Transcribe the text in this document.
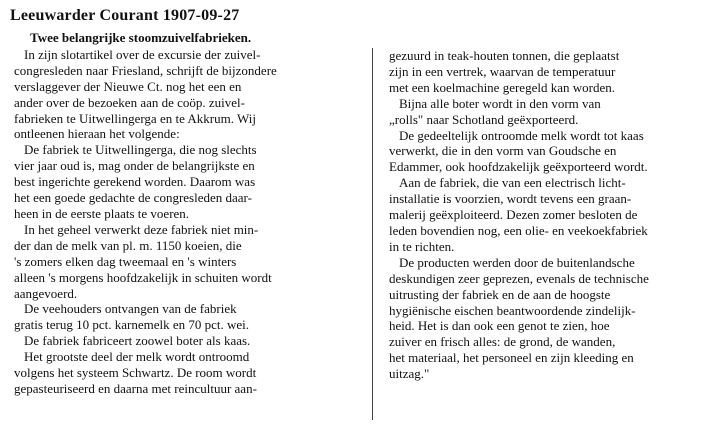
Leeuwarder Courant 1907-09-27
Twee belangrijke stoomzuivelfabrieken.
In zijn slotartikel over de excursie der zuivel-
congresleden naar Friesland, schrijft de bijzondere
verslaggever der Nieuwe Ct. nog het een en
ander over de bezoeken aan de coöp. zuivel-
fabrieken te Uitwellingerga en te Akkrum. Wij
ontleenen hieraan het volgende:
De fabriek te Uitwellingerga, die nog slechts
vier jaar oud is, mag onder de belangrijkste en
best ingerichte gerekend worden. Daarom was
het een goede gedachte de congresleden daar-
heen in de eerste plaats te voeren.
In het geheel verwerkt deze fabriek niet min-
der dan de melk van pl. m. 1150 koeien, die
's zomers elken dag tweemaal en 's winters
alleen 's morgens hoofdzakelijk in schuiten wordt
aangevoerd.
De veehouders ontvangen van de fabriek
gratis terug 10 pct. karnemelk en 70 pct. wei.
De fabriek fabriceert zoowel boter als kaas.
Het grootste deel der melk wordt ontroomd
volgens het systeem Schwartz. De room wordt
gepasteuriseerd en daarna met reincultuur aan-
gezuurd in teak-houten tonnen, die geplaatst
zijn in een vertrek, waarvan de temperatuur
met een koelmachine geregeld kan worden.
Bijna alle boter wordt in den vorm van
„rolls" naar Schotland geëxporteerd.
De gedeeltelijk ontroomde melk wordt tot kaas
verwerkt, die in den vorm van Goudsche en
Edammer, ook hoofdzakelijk geëxporteerd wordt.
Aan de fabriek, die van een electrisch licht-
installatie is voorzien, wordt tevens een graan-
malerij geëxploiteerd. Dezen zomer besloten de
leden bovendien nog, een olie- en veekoekfabriek
in te richten.
De producten werden door de buitenlandsche
deskundigen zeer geprezen, evenals de technische
uitrusting der fabriek en de aan de hoogste
hygiënische eischen beantwoordende zindelijk-
heid. Het is dan ook een genot te zien, hoe
zuiver en frisch alles: de grond, de wanden,
het materiaal, het personeel en zijn kleeding en
uitzag."
